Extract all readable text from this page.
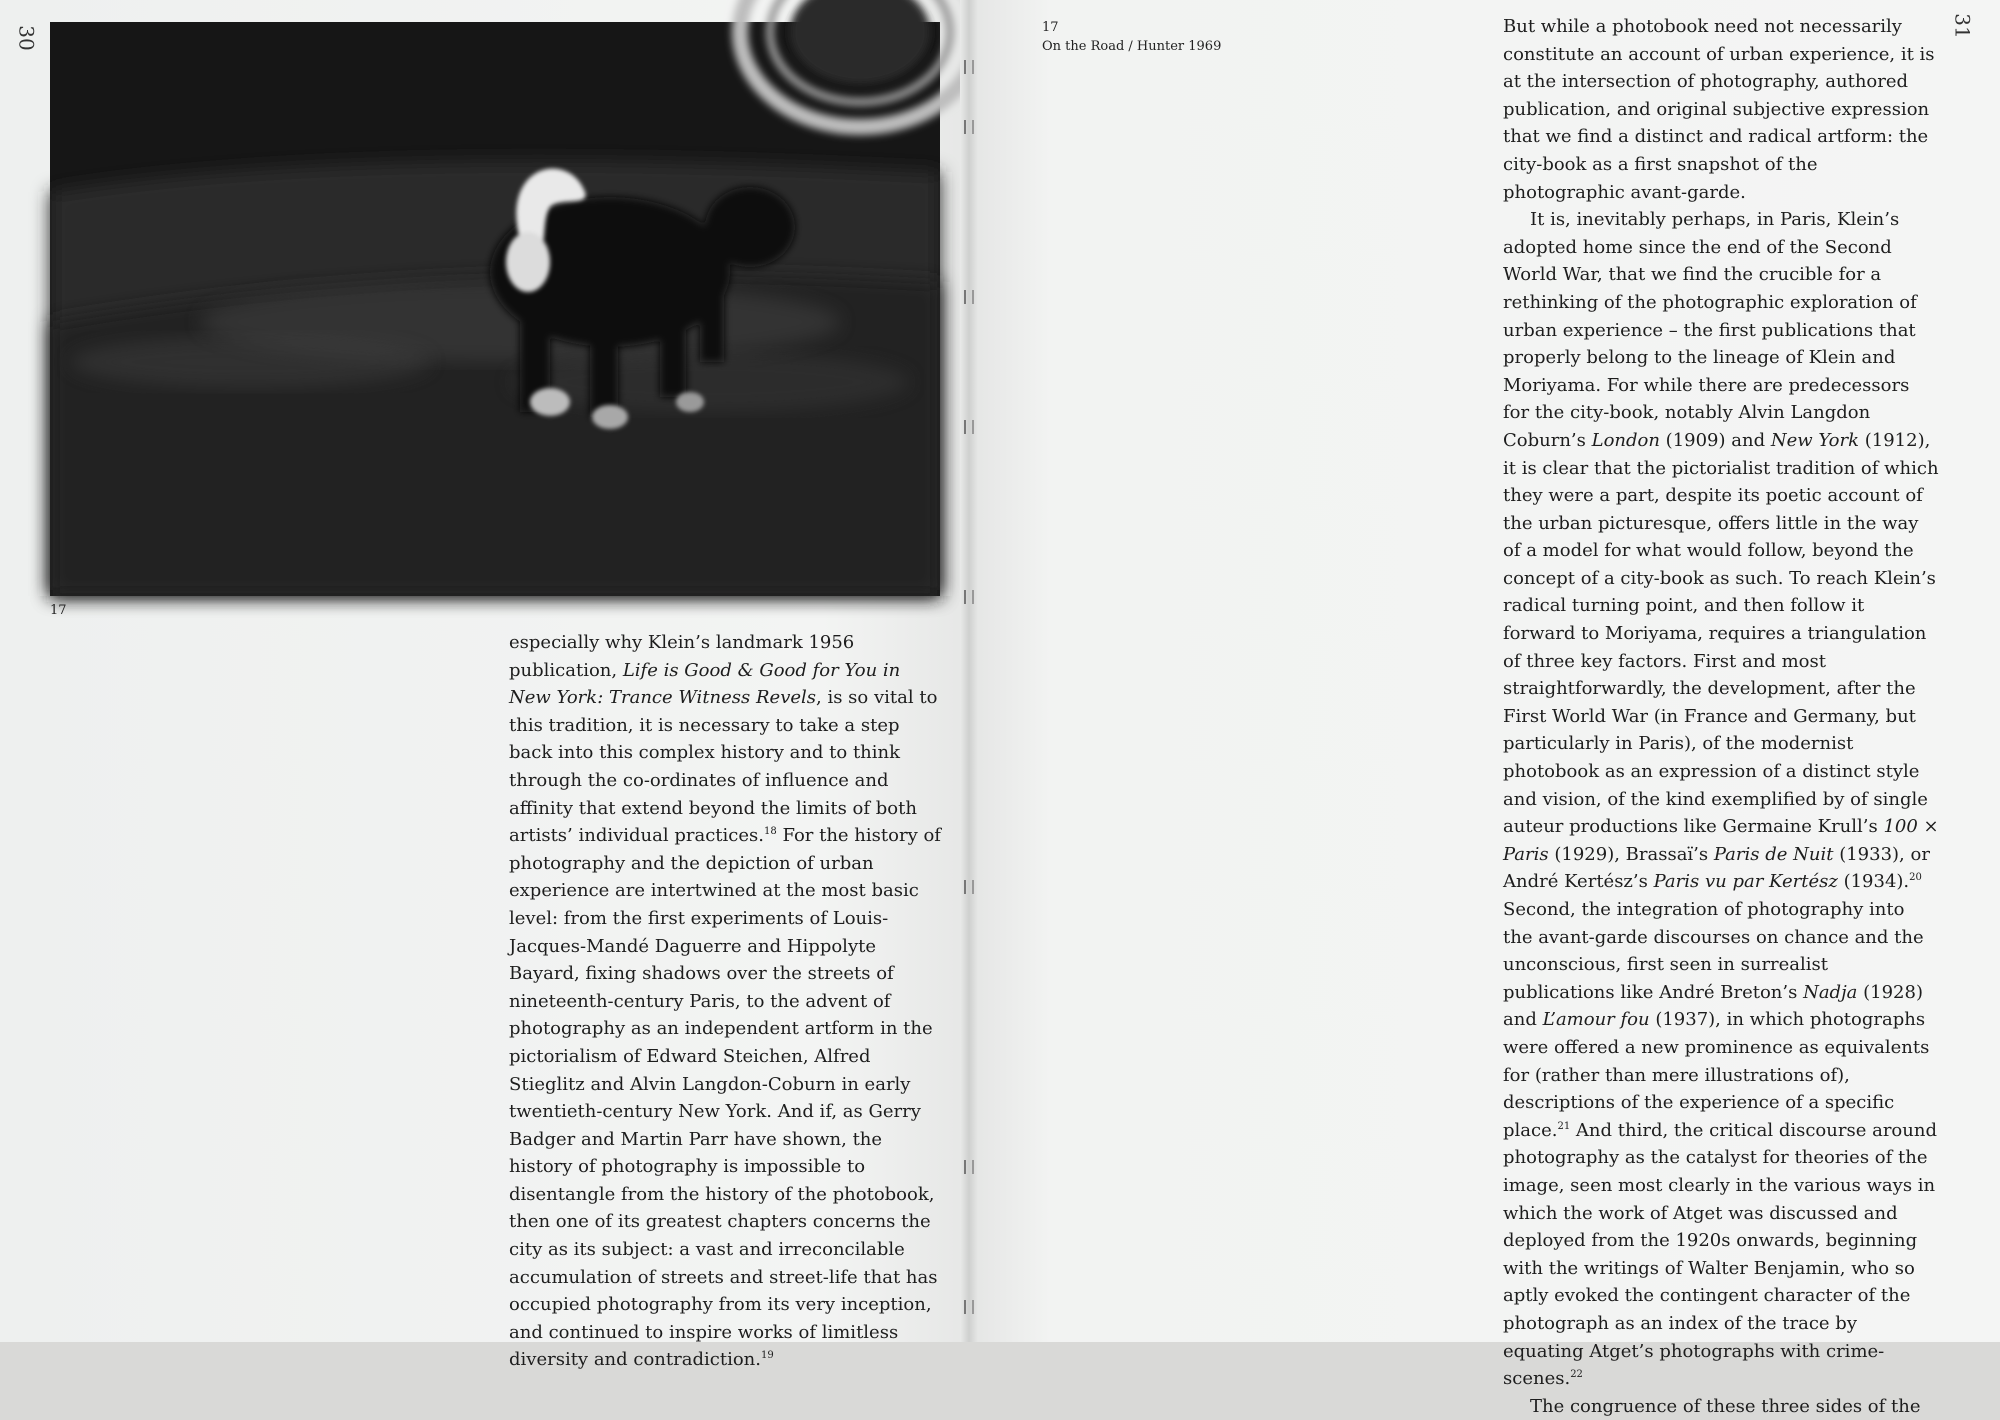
30
17

especially why Klein’s landmark 1956 publication, Life is Good & Good for You in New York: Trance Witness Revels, is so vital to this tradition, it is necessary to take a step back into this complex history and to think through the co-ordinates of influence and affinity that extend beyond the limits of both artists’ individual practices.$^{18}$ For the history of photography and the depiction of urban experience are intertwined at the most basic level: from the first experiments of Louis-Jacques-Mandé Daguerre and Hippolyte Bayard, fixing shadows over the streets of nineteenth-century Paris, to the advent of photography as an independent artform in the pictorialism of Edward Steichen, Alfred Stieglitz and Alvin Langdon-Coburn in early twentieth-century New York. And if, as Gerry Badger and Martin Parr have shown, the history of photography is impossible to disentangle from the history of the photobook, then one of its greatest chapters concerns the city as its subject: a vast and irreconcilable accumulation of streets and street-life that has occupied photography from its very inception, and continued to inspire works of limitless diversity and contradiction.$^{19}$

31
17
On the Road / Hunter 1969

But while a photobook need not necessarily constitute an account of urban experience, it is at the intersection of photography, authored publication, and original subjective expression that we find a distinct and radical artform: the city-book as a first snapshot of the photographic avant-garde.

It is, inevitably perhaps, in Paris, Klein’s adopted home since the end of the Second World War, that we find the crucible for a rethinking of the photographic exploration of urban experience – the first publications that properly belong to the lineage of Klein and Moriyama. For while there are predecessors for the city-book, notably Alvin Langdon Coburn’s London (1909) and New York (1912), it is clear that the pictorialist tradition of which they were a part, despite its poetic account of the urban picturesque, offers little in the way of a model for what would follow, beyond the concept of a city-book as such. To reach Klein’s radical turning point, and then follow it forward to Moriyama, requires a triangulation of three key factors. First and most straightforwardly, the development, after the First World War (in France and Germany, but particularly in Paris), of the modernist photobook as an expression of a distinct style and vision, of the kind exemplified by of single auteur productions like Germaine Krull’s 100 × Paris (1929), Brassaï’s Paris de Nuit (1933), or André Kertész’s Paris vu par Kertész (1934).$^{20}$ Second, the integration of photography into the avant-garde discourses on chance and the unconscious, first seen in surrealist publications like André Breton’s Nadja (1928) and L’amour fou (1937), in which photographs were offered a new prominence as equivalents for (rather than mere illustrations of), descriptions of the experience of a specific place.$^{21}$ And third, the critical discourse around photography as the catalyst for theories of the image, seen most clearly in the various ways in which the work of Atget was discussed and deployed from the 1920s onwards, beginning with the writings of Walter Benjamin, who so aptly evoked the contingent character of the photograph as an index of the trace by equating Atget’s photographs with crime-scenes.$^{22}$

The congruence of these three sides of the
